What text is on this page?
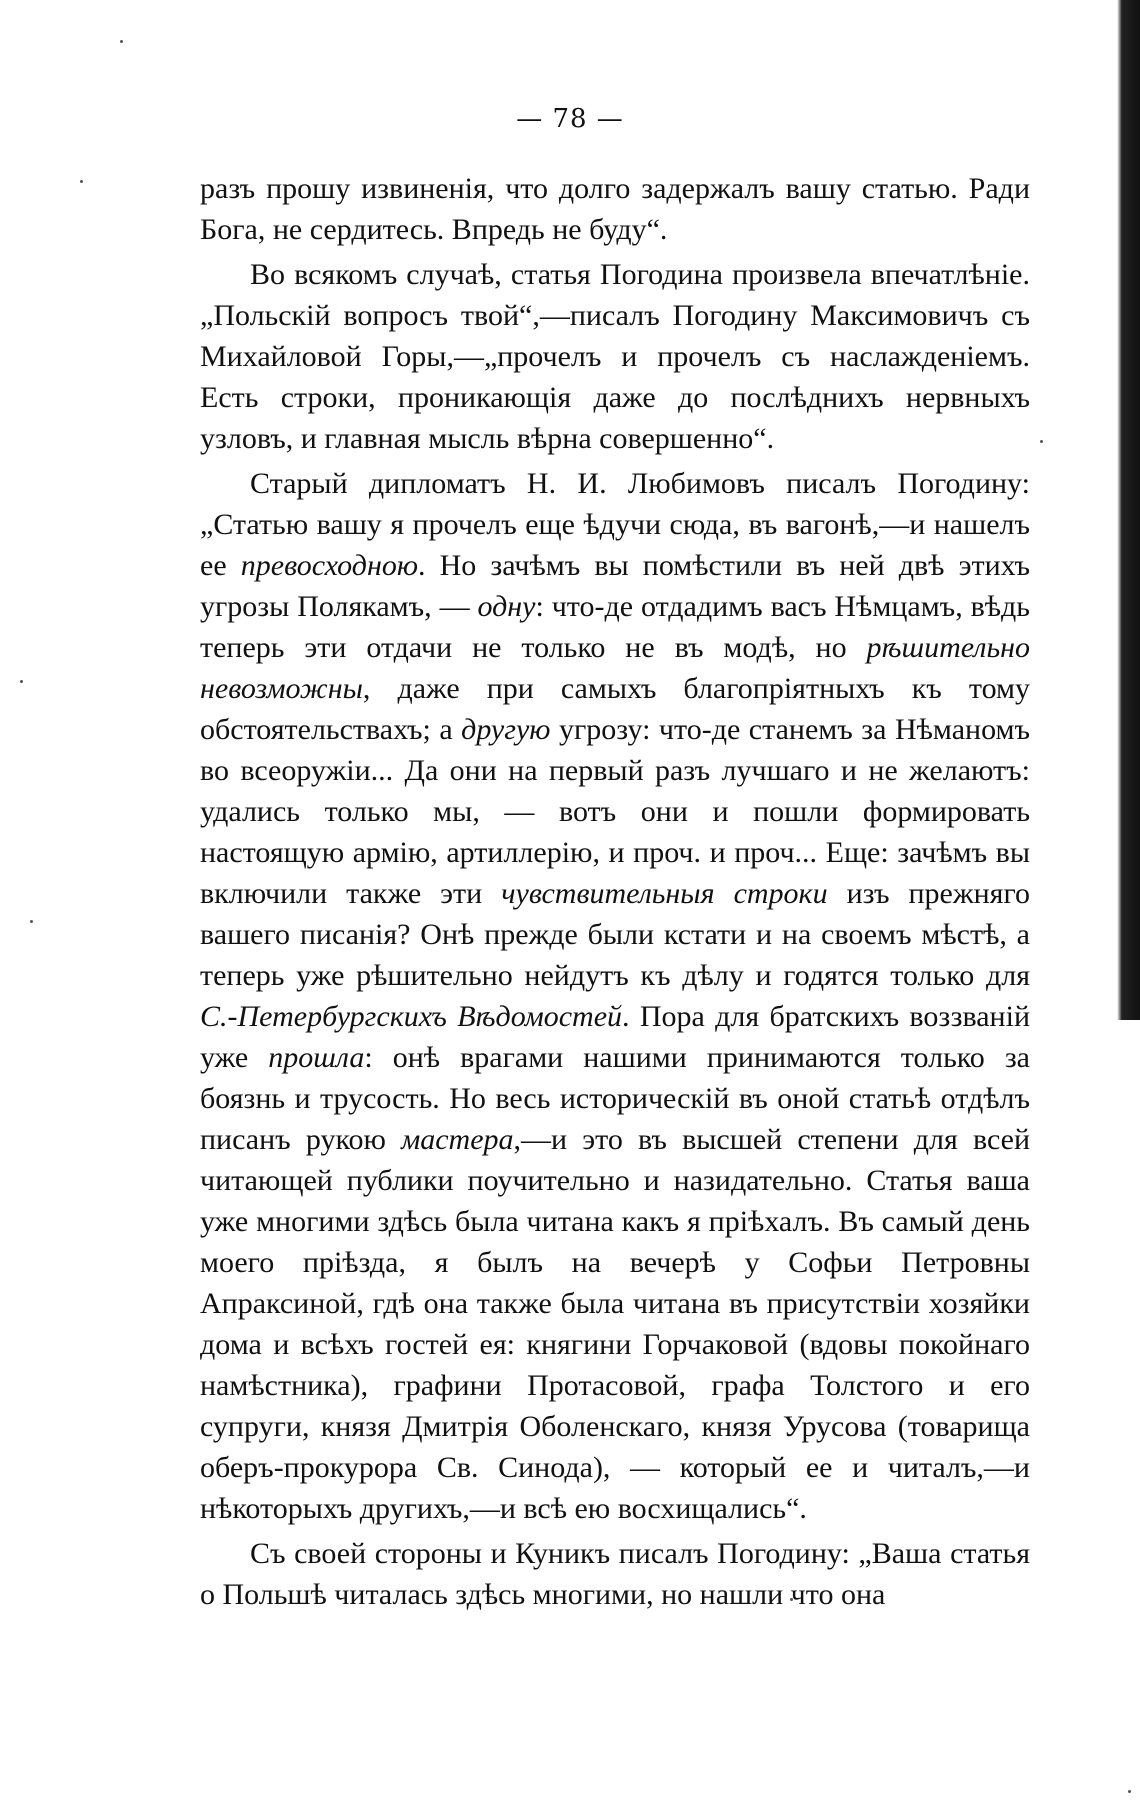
— 78 —

разъ прошу извиненія, что долго задержалъ вашу статью. Ради Бога, не сердитесь. Впредь не буду“.

Во всякомъ случаѣ, статья Погодина произвела впечатлѣніе. „Польскій вопросъ твой“,—писалъ Погодину Максимовичъ съ Михайловой Горы,—„прочелъ и прочелъ съ наслажденіемъ. Есть строки, проникающія даже до послѣднихъ нервныхъ узловъ, и главная мысль вѣрна совершенно“.

Старый дипломатъ Н. И. Любимовъ писалъ Погодину: „Статью вашу я прочелъ еще ѣдучи сюда, въ вагонѣ,—и нашелъ ее превосходною. Но зачѣмъ вы помѣстили въ ней двѣ этихъ угрозы Полякамъ, — одну: что-де отдадимъ васъ Нѣмцамъ, вѣдь теперь эти отдачи не только не въ модѣ, но рѣшительно невозможны, даже при самыхъ благопріятныхъ къ тому обстоятельствахъ; а другую угрозу: что-де станемъ за Нѣманомъ во всеоружіи... Да они на первый разъ лучшаго и не желаютъ: удались только мы, — вотъ они и пошли формировать настоящую армію, артиллерію, и проч. и проч... Еще: зачѣмъ вы включили также эти чувствительныя строки изъ прежняго вашего писанія? Онѣ прежде были кстати и на своемъ мѣстѣ, а теперь уже рѣшительно нейдутъ къ дѣлу и годятся только для С.-Петербургскихъ Вѣдомостей. Пора для братскихъ воззваній уже прошла: онѣ врагами нашими принимаются только за боязнь и трусость. Но весь историческій въ оной статьѣ отдѣлъ писанъ рукою мастера,—и это въ высшей степени для всей читающей публики поучительно и назидательно. Статья ваша уже многими здѣсь была читана какъ я пріѣхалъ. Въ самый день моего пріѣзда, я былъ на вечерѣ у Софьи Петровны Апраксиной, гдѣ она также была читана въ присутствіи хозяйки дома и всѣхъ гостей ея: княгини Горчаковой (вдовы покойнаго намѣстника), графини Протасовой, графа Толстого и его супруги, князя Дмитрія Оболенскаго, князя Урусова (товарища оберъ-прокурора Св. Синода), — который ее и читалъ,—и нѣкоторыхъ другихъ,—и всѣ ею восхищались“.

Съ своей стороны и Куникъ писалъ Погодину: „Ваша статья о Польшѣ читалась здѣсь многими, но нашли что она
